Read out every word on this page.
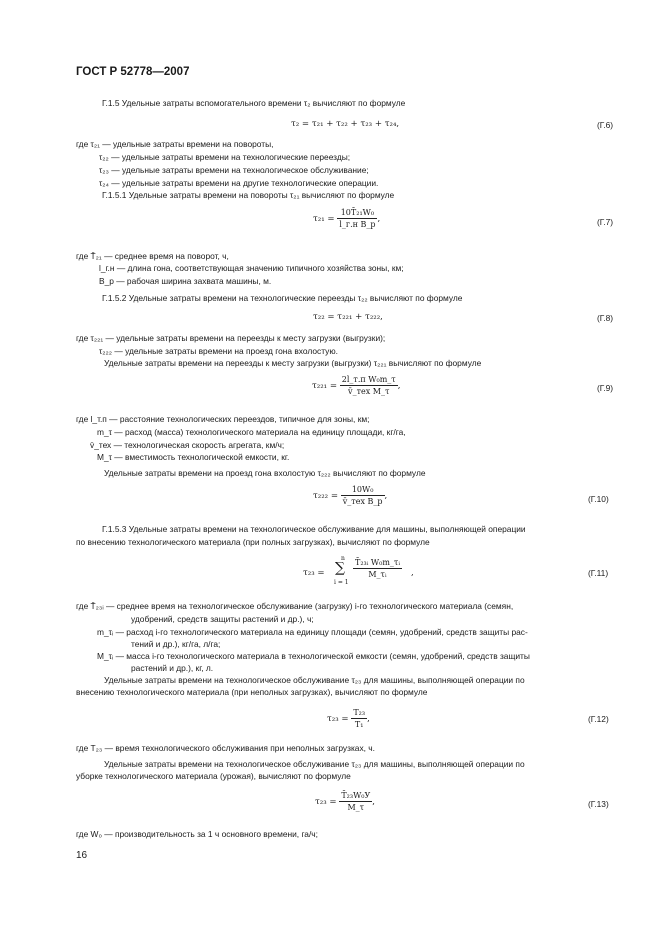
ГОСТ Р 52778—2007
Г.1.5 Удельные затраты вспомогательного времени τ₂ вычисляют по формуле
где τ₂₁ — удельные затраты времени на повороты,
τ₂₂ — удельные затраты времени на технологические переезды;
τ₂₃ — удельные затраты времени на технологическое обслуживание;
τ₂₄ — удельные затраты времени на другие технологические операции.
Г.1.5.1 Удельные затраты времени на повороты τ₂₁ вычисляют по формуле
где T̄₂₁ — среднее время на поворот, ч,
l_г.н — длина гона, соответствующая значению типичного хозяйства зоны, км;
B_р — рабочая ширина захвата машины, м.
Г.1.5.2 Удельные затраты времени на технологические переезды τ₂₂ вычисляют по формуле
где τ₂₂₁ — удельные затраты времени на переезды к месту загрузки (выгрузки);
τ₂₂₂ — удельные затраты времени на проезд гона вхолостую.
Удельные затраты времени на переезды к месту загрузки (выгрузки) τ₂₂₁ вычисляют по формуле
где l_т.п — расстояние технологических переездов, типичное для зоны, км;
m_τ — расход (масса) технологического материала на единицу площади, кг/га,
v̄_тех — технологическая скорость агрегата, км/ч;
M_τ — вместимость технологической емкости, кг.
Удельные затраты времени на проезд гона вхолостую τ₂₂₂ вычисляют по формуле
Г.1.5.3 Удельные затраты времени на технологическое обслуживание для машины, выполняющей операции
по внесению технологического материала (при полных загрузках), вычисляют по формуле
где T̄₂₃ᵢ — среднее время на технологическое обслуживание (загрузку) i-го технологического материала (семян,
удобрений, средств защиты растений и др.), ч;
m_τᵢ — расход i-го технологического материала на единицу площади (семян, удобрений, средств защиты рас-
тений и др.), кг/га, л/га;
M_τᵢ — масса i-го технологического материала в технологической емкости (семян, удобрений, средств защиты
растений и др.), кг, л.
Удельные затраты времени на технологическое обслуживание τ₂₃ для машины, выполняющей операции по
внесению технологического материала (при неполных загрузках), вычисляют по формуле
где T₂₃ — время технологического обслуживания при неполных загрузках, ч.
Удельные затраты времени на технологическое обслуживание τ₂₃ для машины, выполняющей операции по
уборке технологического материала (урожая), вычисляют по формуле
где W₀ — производительность за 1 ч основного времени, га/ч;
τ₂ = τ₂₁ + τ₂₂ + τ₂₃ + τ₂₄,	(Г.6)
$\tau_{21} = \frac{\text{10T̄₂₁W₀}}{\text{l\_г.н B\_р}}$ ,	(Г.7)
τ₂₂ = τ₂₂₁ + τ₂₂₂,	(Г.8)
$\tau_{221} = \frac{\text{2l\_т.п W₀m\_τ}}{\text{v̄\_тех M\_τ}}$ ,	(Г.9)
$\tau_{222} = \frac{\text{10W₀}}{\text{v̄\_тех B\_р}}$ ,	(Г.10)
τ₂₃ =
n
∑
i = 1
$\frac{\text{T̄₂₃ᵢ W₀m\_τᵢ}}{\text{M\_τᵢ}}$ ,	(Г.11)
$\tau_{23} = \frac{\text{T₂₃}}{\text{T₁}}$ ,	(Г.12)
$\tau_{23} = \frac{\text{T̄₂₃W₀У}}{M\_\tau}$ ,	(Г.13)
16
